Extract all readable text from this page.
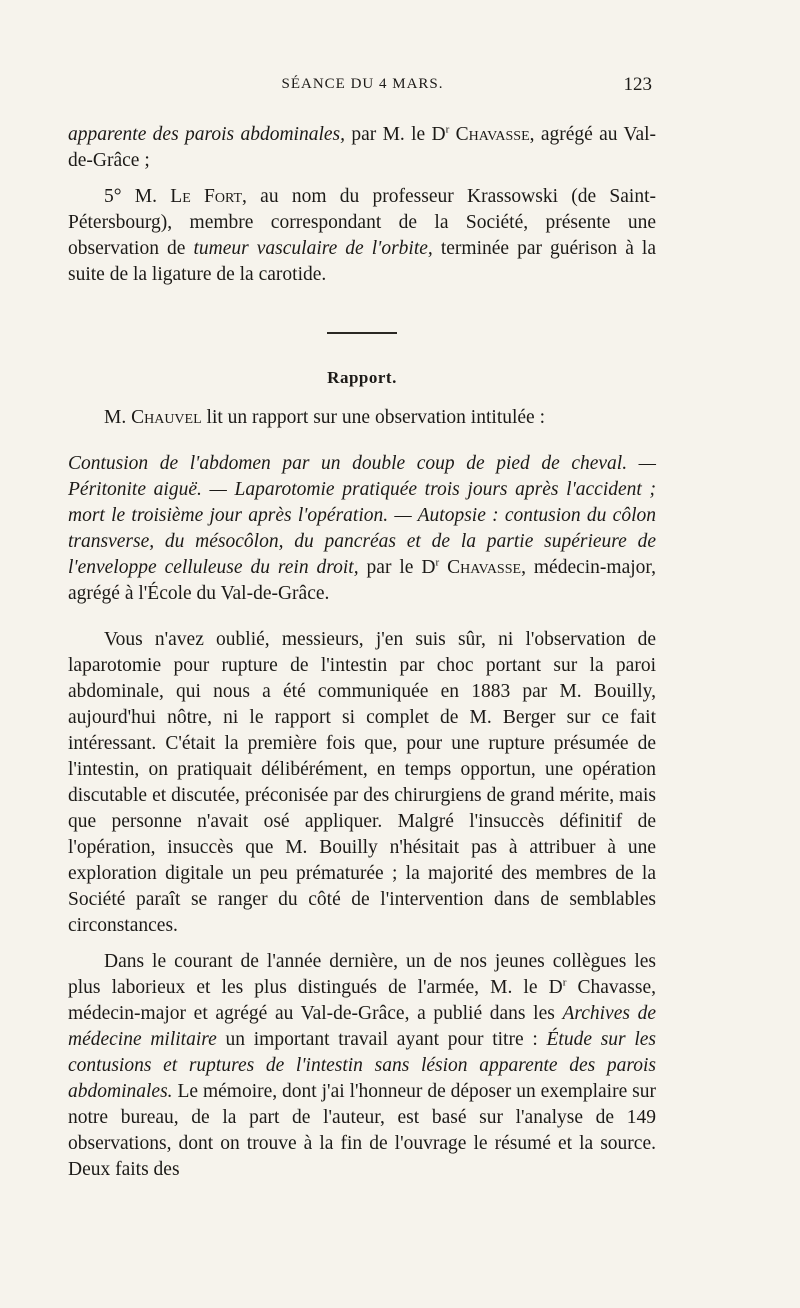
SÉANCE DU 4 MARS.	123

apparente des parois abdominales, par M. le $D^r$ Chavasse, agrégé au Val-de-Grâce ;

5° M. Le Fort, au nom du professeur Krassowski (de Saint-Pétersbourg), membre correspondant de la Société, présente une observation de tumeur vasculaire de l'orbite, terminée par guérison à la suite de la ligature de la carotide.

Rapport.

M. Chauvel lit un rapport sur une observation intitulée :

Contusion de l'abdomen par un double coup de pied de cheval. — Péritonite aiguë. — Laparotomie pratiquée trois jours après l'accident ; mort le troisième jour après l'opération. — Autopsie : contusion du côlon transverse, du mésocôlon, du pancréas et de la partie supérieure de l'enveloppe celluleuse du rein droit, par le $D^r$ Chavasse, médecin-major, agrégé à l'École du Val-de-Grâce.

Vous n'avez oublié, messieurs, j'en suis sûr, ni l'observation de laparotomie pour rupture de l'intestin par choc portant sur la paroi abdominale, qui nous a été communiquée en 1883 par M. Bouilly, aujourd'hui nôtre, ni le rapport si complet de M. Berger sur ce fait intéressant. C'était la première fois que, pour une rupture présumée de l'intestin, on pratiquait délibérément, en temps opportun, une opération discutable et discutée, préconisée par des chirurgiens de grand mérite, mais que personne n'avait osé appliquer. Malgré l'insuccès définitif de l'opération, insuccès que M. Bouilly n'hésitait pas à attribuer à une exploration digitale un peu prématurée ; la majorité des membres de la Société paraît se ranger du côté de l'intervention dans de semblables circonstances.

Dans le courant de l'année dernière, un de nos jeunes collègues les plus laborieux et les plus distingués de l'armée, M. le $D^r$ Chavasse, médecin-major et agrégé au Val-de-Grâce, a publié dans les Archives de médecine militaire un important travail ayant pour titre : Étude sur les contusions et ruptures de l'intestin sans lésion apparente des parois abdominales. Le mémoire, dont j'ai l'honneur de déposer un exemplaire sur notre bureau, de la part de l'auteur, est basé sur l'analyse de 149 observations, dont on trouve à la fin de l'ouvrage le résumé et la source. Deux faits des
